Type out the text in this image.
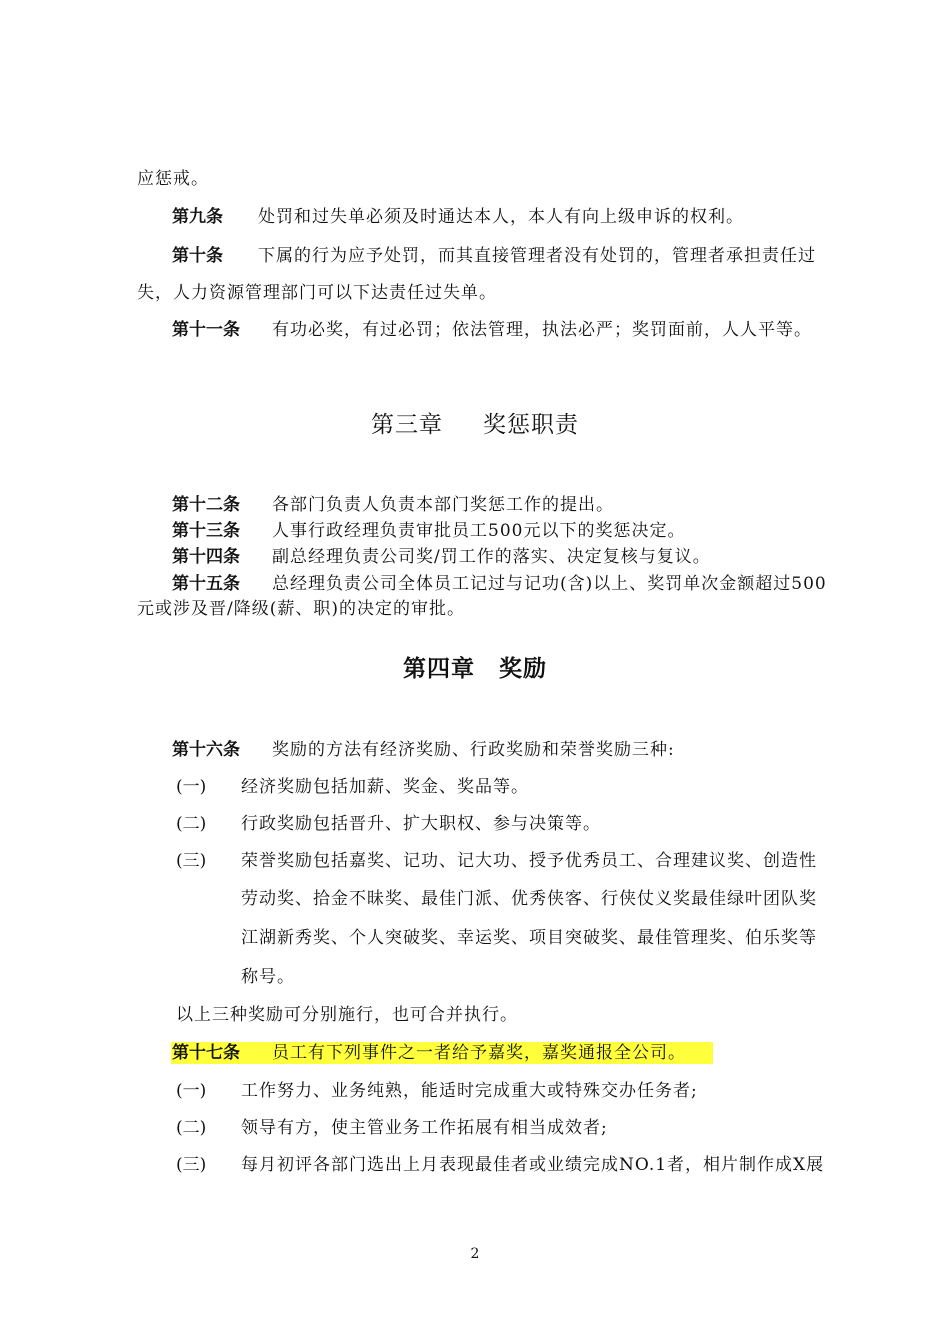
应惩戒。
第九条 处罚和过失单必须及时通达本人，本人有向上级申诉的权利。
第十条 下属的行为应予处罚，而其直接管理者没有处罚的，管理者承担责任过
失，人力资源管理部门可以下达责任过失单。
第十一条 有功必奖，有过必罚；依法管理，执法必严；奖罚面前，人人平等。
第三章 奖惩职责
第十二条 各部门负责人负责本部门奖惩工作的提出。
第十三条 人事行政经理负责审批员工500元以下的奖惩决定。
第十四条 副总经理负责公司奖/罚工作的落实、决定复核与复议。
第十五条 总经理负责公司全体员工记过与记功(含)以上、奖罚单次金额超过500
元或涉及晋/降级(薪、职)的决定的审批。
第四章 奖励
第十六条 奖励的方法有经济奖励、行政奖励和荣誉奖励三种:
(一) 经济奖励包括加薪、奖金、奖品等。
(二) 行政奖励包括晋升、扩大职权、参与决策等。
(三) 荣誉奖励包括嘉奖、记功、记大功、授予优秀员工、合理建议奖、创造性
劳动奖、拾金不昧奖、最佳门派、优秀侠客、行侠仗义奖最佳绿叶团队奖
江湖新秀奖、个人突破奖、幸运奖、项目突破奖、最佳管理奖、伯乐奖等
称号。
以上三种奖励可分别施行，也可合并执行。
第十七条 员工有下列事件之一者给予嘉奖，嘉奖通报全公司。
(一) 工作努力、业务纯熟，能适时完成重大或特殊交办任务者;
(二) 领导有方，使主管业务工作拓展有相当成效者;
(三) 每月初评各部门选出上月表现最佳者或业绩完成NO.1者，相片制作成X展
2
